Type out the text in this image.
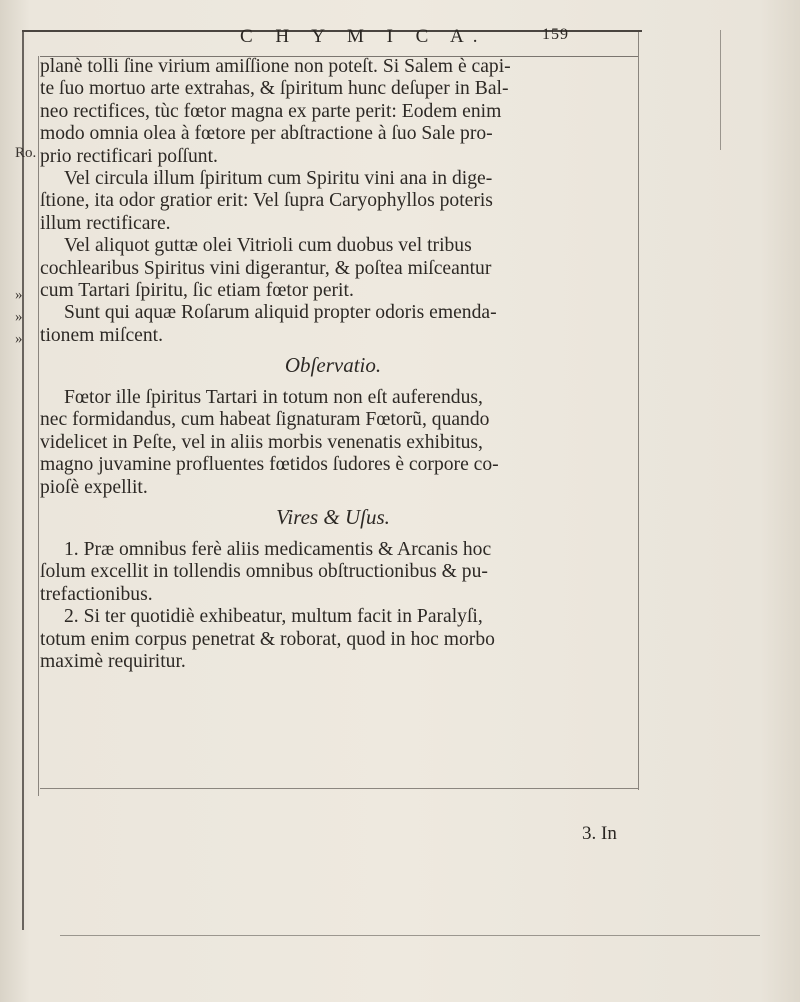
C H Y M I C A.	159
Ro.
»
»
»
planè tolli ſine virium amiſſione non poteſt. Si Salem è capi-
te ſuo mortuo arte extrahas, & ſpiritum hunc deſuper in Bal-
neo rectifices, tùc fœtor magna ex parte perit: Eodem enim
modo omnia olea à fœtore per abſtractione à ſuo Sale pro-
prio rectificari poſſunt.
Vel circula illum ſpiritum cum Spiritu vini ana in dige-
ſtione, ita odor gratior erit: Vel ſupra Caryophyllos poteris
illum rectificare.
Vel aliquot guttæ olei Vitrioli cum duobus vel tribus
cochlearibus Spiritus vini digerantur, & poſtea miſceantur
cum Tartari ſpiritu, ſic etiam fœtor perit.
Sunt qui aquæ Roſarum aliquid propter odoris emenda-
tionem miſcent.
Obſervatio.
Fœtor ille ſpiritus Tartari in totum non eſt auferendus,
nec formidandus, cum habeat ſignaturam Fœtorũ, quando
videlicet in Peſte, vel in aliis morbis venenatis exhibitus,
magno juvamine profluentes fœtidos ſudores è corpore co-
pioſè expellit.
Vires & Uſus.
1. Præ omnibus ferè aliis medicamentis & Arcanis hoc
ſolum excellit in tollendis omnibus obſtructionibus & pu-
trefactionibus.
2. Si ter quotidiè exhibeatur, multum facit in Paralyſi,
totum enim corpus penetrat & roborat, quod in hoc morbo
maximè requiritur.
3. In
